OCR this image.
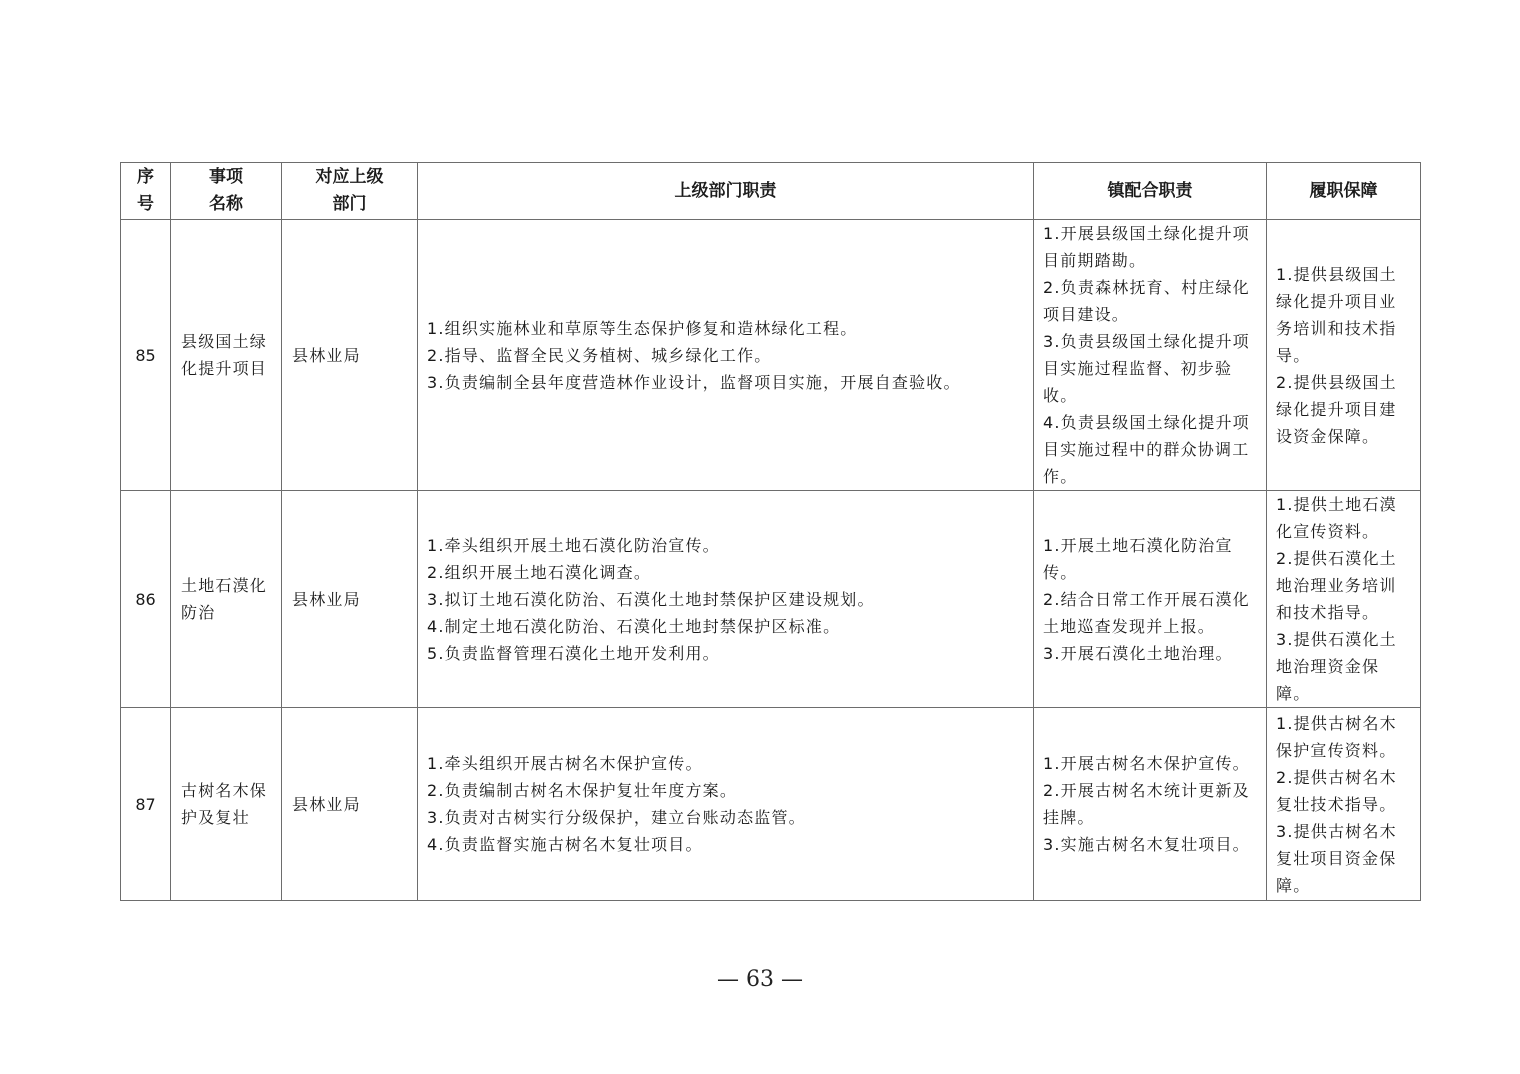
序
号	事项
名称	对应上级
部门	上级部门职责	镇配合职责	履职保障
85	县级国土绿化提升项目	县林业局	1.组织实施林业和草原等生态保护修复和造林绿化工程。
2.指导、监督全民义务植树、城乡绿化工作。
3.负责编制全县年度营造林作业设计，监督项目实施，开展自查验收。	1.开展县级国土绿化提升项目前期踏勘。
2.负责森林抚育、村庄绿化项目建设。
3.负责县级国土绿化提升项目实施过程监督、初步验收。
4.负责县级国土绿化提升项目实施过程中的群众协调工作。	1.提供县级国土绿化提升项目业务培训和技术指导。
2.提供县级国土绿化提升项目建设资金保障。

86	土地石漠化防治	县林业局	1.牵头组织开展土地石漠化防治宣传。
2.组织开展土地石漠化调查。
3.拟订土地石漠化防治、石漠化土地封禁保护区建设规划。
4.制定土地石漠化防治、石漠化土地封禁保护区标准。
5.负责监督管理石漠化土地开发利用。	1.开展土地石漠化防治宣传。
2.结合日常工作开展石漠化土地巡查发现并上报。
3.开展石漠化土地治理。	1.提供土地石漠化宣传资料。
2.提供石漠化土地治理业务培训和技术指导。
3.提供石漠化土地治理资金保障。

87	古树名木保护及复壮	县林业局	1.牵头组织开展古树名木保护宣传。
2.负责编制古树名木保护复壮年度方案。
3.负责对古树实行分级保护，建立台账动态监管。
4.负责监督实施古树名木复壮项目。	1.开展古树名木保护宣传。
2.开展古树名木统计更新及挂牌。
3.实施古树名木复壮项目。	1.提供古树名木保护宣传资料。
2.提供古树名木复壮技术指导。
3.提供古树名木复壮项目资金保障。
— 63 —
